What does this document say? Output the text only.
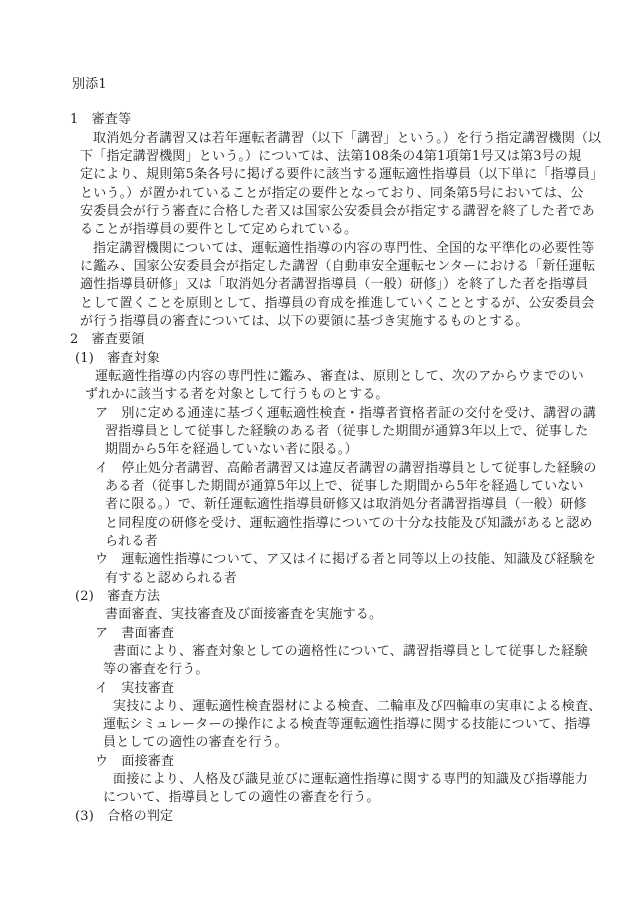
別添1
1　審査等
取消処分者講習又は若年運転者講習（以下「講習」という。）を行う指定講習機関（以
下「指定講習機関」という。）については、法第108条の4第1項第1号又は第3号の規
定により、規則第5条各号に掲げる要件に該当する運転適性指導員（以下単に「指導員」
という。）が置かれていることが指定の要件となっており、同条第5号においては、公
安委員会が行う審査に合格した者又は国家公安委員会が指定する講習を終了した者であ
ることが指導員の要件として定められている。
指定講習機関については、運転適性指導の内容の専門性、全国的な平準化の必要性等
に鑑み、国家公安委員会が指定した講習（自動車安全運転センターにおける「新任運転
適性指導員研修」又は「取消処分者講習指導員（一般）研修」）を終了した者を指導員
として置くことを原則として、指導員の育成を推進していくこととするが、公安委員会
が行う指導員の審査については、以下の要領に基づき実施するものとする。
2　審査要領
(1)　審査対象
運転適性指導の内容の専門性に鑑み、審査は、原則として、次のアからウまでのい
ずれかに該当する者を対象として行うものとする。
ア　別に定める通達に基づく運転適性検査・指導者資格者証の交付を受け、講習の講
習指導員として従事した経験のある者（従事した期間が通算3年以上で、従事した
期間から5年を経過していない者に限る。）
イ　停止処分者講習、高齢者講習又は違反者講習の講習指導員として従事した経験の
ある者（従事した期間が通算5年以上で、従事した期間から5年を経過していない
者に限る。）で、新任運転適性指導員研修又は取消処分者講習指導員（一般）研修
と同程度の研修を受け、運転適性指導についての十分な技能及び知識があると認め
られる者
ウ　運転適性指導について、ア又はイに掲げる者と同等以上の技能、知識及び経験を
有すると認められる者
(2)　審査方法
書面審査、実技審査及び面接審査を実施する。
ア　書面審査
書面により、審査対象としての適格性について、講習指導員として従事した経験
等の審査を行う。
イ　実技審査
実技により、運転適性検査器材による検査、二輪車及び四輪車の実車による検査、
運転シミュレーターの操作による検査等運転適性指導に関する技能について、指導
員としての適性の審査を行う。
ウ　面接審査
面接により、人格及び識見並びに運転適性指導に関する専門的知識及び指導能力
について、指導員としての適性の審査を行う。
(3)　合格の判定
